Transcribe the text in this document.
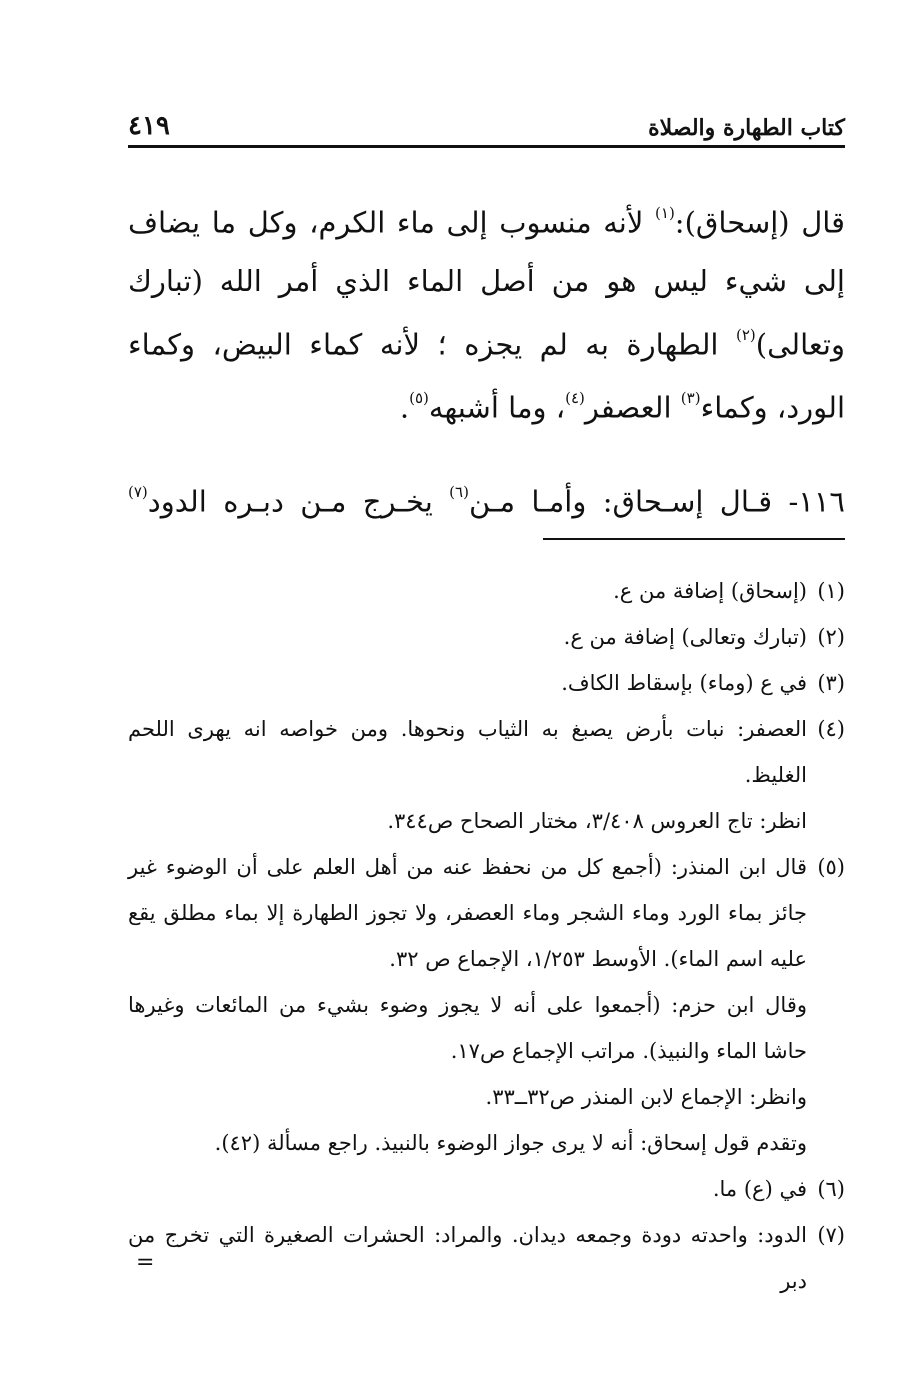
كتاب الطهارة والصلاة
٤١٩

قال (إسحاق):$^{(١)}$ لأنه منسوب إلى ماء الكرم، وكل ما يضاف إلى شيء ليس هو من أصل الماء الذي أمر الله (تبارك وتعالى)$^{(٢)}$ الطهارة به لم يجزه ؛ لأنه كماء البيض، وكماء الورد، وكماء$^{(٣)}$ العصفر$^{(٤)}$، وما أشبهه$^{(٥)}$.

١١٦- قـال إسـحاق: وأمـا مـن$^{(٦)}$ يخـرج مـن دبـره الدود$^{(٧)}$

(١)
(إسحاق) إضافة من ع.
(٢)
(تبارك وتعالى) إضافة من ع.
(٣)
في ع (وماء) بإسقاط الكاف.
(٤)
العصفر: نبات بأرض يصبغ به الثياب ونحوها. ومن خواصه انه يهرى اللحم الغليظ.
انظر: تاج العروس ٣/٤٠٨، مختار الصحاح ص٣٤٤.
(٥)
قال ابن المنذر: (أجمع كل من نحفظ عنه من أهل العلم على أن الوضوء غير جائز بماء الورد وماء الشجر وماء العصفر، ولا تجوز الطهارة إلا بماء مطلق يقع عليه اسم الماء). الأوسط ١/٢٥٣، الإجماع ص ٣٢.
وقال ابن حزم: (أجمعوا على أنه لا يجوز وضوء بشيء من المائعات وغيرها حاشا الماء والنبيذ). مراتب الإجماع ص١٧.
وانظر: الإجماع لابن المنذر ص٣٢ــ٣٣.
وتقدم قول إسحاق: أنه لا يرى جواز الوضوء بالنبيذ. راجع مسألة (٤٢).
(٦)
في (ع) ما.
(٧)
الدود: واحدته دودة وجمعه ديدان. والمراد: الحشرات الصغيرة التي تخرج من دبر
=
